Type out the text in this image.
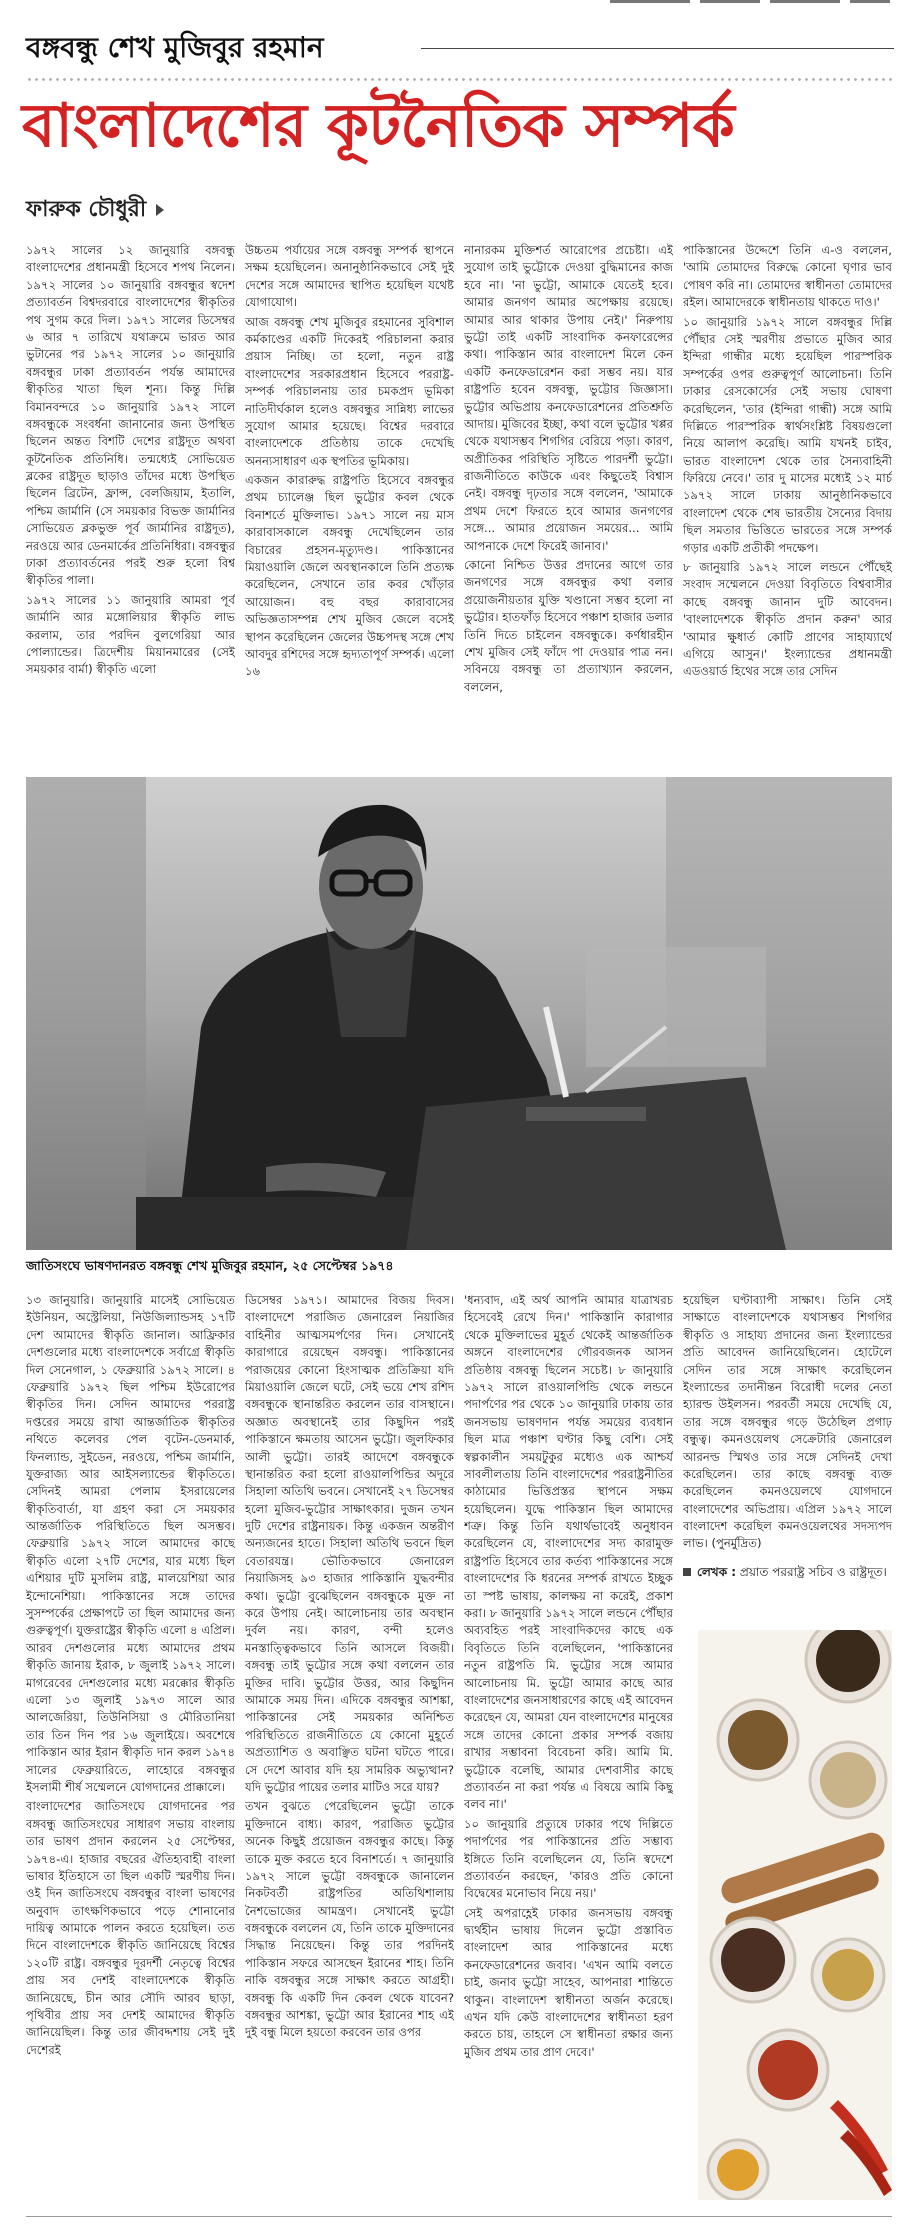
বঙ্গবন্ধু শেখ মুজিবুর রহমান
বাংলাদেশের কূটনৈতিক সম্পর্ক
ফারুক চৌধুরী

১৯৭২ সালের ১২ জানুয়ারি বঙ্গবন্ধু বাংলাদেশের প্রধানমন্ত্রী হিসেবে শপথ নিলেন। ১৯৭২ সালের ১০ জানুয়ারি বঙ্গবন্ধুর স্বদেশ প্রত্যাবর্তন বিশ্বদরবারে বাংলাদেশের স্বীকৃতির পথ সুগম করে দিল। ১৯৭১ সালের ডিসেম্বর ৬ আর ৭ তারিখে যথাক্রমে ভারত আর ভুটানের পর ১৯৭২ সালের ১০ জানুয়ারি বঙ্গবন্ধুর ঢাকা প্রত্যাবর্তন পর্যন্ত আমাদের স্বীকৃতির খাতা ছিল শূন্য। কিন্তু দিল্লি বিমানবন্দরে ১০ জানুয়ারি ১৯৭২ সালে বঙ্গবন্ধুকে সংবর্ধনা জানানোর জন্য উপস্থিত ছিলেন অন্তত বিশটি দেশের রাষ্ট্রদূত অথবা কূটনৈতিক প্রতিনিধি। তন্মধ্যেই সোভিয়েত ব্লকের রাষ্ট্রদূত ছাড়াও তাঁদের মধ্যে উপস্থিত ছিলেন ব্রিটেন, ফ্রান্স, বেলজিয়াম, ইতালি, পশ্চিম জার্মানি (সে সময়কার বিভক্ত জার্মানির সোভিয়েত ব্লকভুক্ত পূর্ব জার্মানির রাষ্ট্রদূত), নরওয়ে আর ডেনমার্কের প্রতিনিধিরা। বঙ্গবন্ধুর ঢাকা প্রত্যাবর্তনের পরই শুরু হলো বিশ্ব স্বীকৃতির পালা।

১৯৭২ সালের ১১ জানুয়ারি আমরা পূর্ব জার্মানি আর মঙ্গোলিয়ার স্বীকৃতি লাভ করলাম, তার পরদিন বুলগেরিয়া আর পোল্যান্ডের। ত্রিদেশীয় মিয়ানমারের (সেই সময়কার বার্মা) স্বীকৃতি এলো

উচ্চতম পর্যায়ের সঙ্গে বঙ্গবন্ধু সম্পর্ক স্থাপনে সক্ষম হয়েছিলেন। অনানুষ্ঠানিকভাবে সেই দুই দেশের সঙ্গে আমাদের স্থাপিত হয়েছিল যথেষ্ট যোগাযোগ।

আজ বঙ্গবন্ধু শেখ মুজিবুর রহমানের সুবিশাল কর্মকাণ্ডের একটি দিকেরই পরিচালনা করার প্রয়াস নিচ্ছি। তা হলো, নতুন রাষ্ট্র বাংলাদেশের সরকারপ্রধান হিসেবে পররাষ্ট্র-সম্পর্ক পরিচালনায় তার চমকপ্রদ ভূমিকা নাতিদীর্ঘকাল হলেও বঙ্গবন্ধুর সান্নিধ্য লাভের সুযোগ আমার হয়েছে। বিশ্বের দরবারে বাংলাদেশকে প্রতিষ্ঠায় তাকে দেখেছি অনন্যসাধারণ এক স্থপতির ভূমিকায়।

একজন কারারুদ্ধ রাষ্ট্রপতি হিসেবে বঙ্গবন্ধুর প্রথম চ্যালেঞ্জ ছিল ভুট্টোর কবল থেকে বিনাশর্তে মুক্তিলাভ। ১৯৭১ সালে নয় মাস কারাবাসকালে বঙ্গবন্ধু দেখেছিলেন তার বিচারের প্রহসন-মৃত্যুদণ্ড। পাকিস্তানের মিয়াওয়ালি জেলে অবস্থানকালে তিনি প্রত্যক্ষ করেছিলেন, সেখানে তার কবর খোঁড়ার আয়োজন। বহু বছর কারাবাসের অভিজ্ঞতাসম্পন্ন শেখ মুজিব জেলে বসেই স্থাপন করেছিলেন জেলের উচ্চপদস্থ সঙ্গে শেখ আবদুর রশিদের সঙ্গে হৃদ্যতাপূর্ণ সম্পর্ক। এলো ১৬

নানারকম মুক্তিশর্ত আরোপের প্রচেষ্টা। এই সুযোগ তাই ভুট্টোকে দেওয়া বুদ্ধিমানের কাজ হবে না। 'না ভুট্টো, আমাকে যেতেই হবে। আমার জনগণ আমার অপেক্ষায় রয়েছে। আমার আর থাকার উপায় নেই।' নিরুপায় ভুট্টো তাই একটি সাংবাদিক কনফারেন্সের কথা। পাকিস্তান আর বাংলাদেশ মিলে কেন একটি কনফেডারেশন করা সম্ভব নয়। যার রাষ্ট্রপতি হবেন বঙ্গবন্ধু, ভুট্টোর জিজ্ঞাসা। ভুট্টোর অভিপ্রায় কনফেডারেশনের প্রতিশ্রুতি আদায়। মুজিবের ইচ্ছা, কথা বলে ভুট্টোর খপ্পর থেকে যথাসম্ভব শিগগির বেরিয়ে পড়া। কারণ, অপ্রীতিকর পরিস্থিতি সৃষ্টিতে পারদর্শী ভুট্টো। রাজনীতিতে কাউকে এবং কিছুতেই বিশ্বাস নেই। বঙ্গবন্ধু দৃঢ়তার সঙ্গে বললেন, 'আমাকে প্রথম দেশে ফিরতে হবে আমার জনগণের সঙ্গে... আমার প্রয়োজন সময়ের... আমি আপনাকে দেশে ফিরেই জানাব।'

কোনো নিশ্চিত উত্তর প্রদানের আগে তার জনগণের সঙ্গে বঙ্গবন্ধুর কথা বলার প্রয়োজনীয়তার যুক্তি খণ্ডানো সম্ভব হলো না ভুট্টোর। হাতফাঁড় হিসেবে পঞ্চাশ হাজার ডলার তিনি দিতে চাইলেন বঙ্গবন্ধুকে। কর্ণধারহীন শেখ মুজিব সেই ফাঁদে পা দেওয়ার পাত্র নন। সবিনয়ে বঙ্গবন্ধু তা প্রত্যাখ্যান করলেন, বললেন,

পাকিস্তানের উদ্দেশে তিনি এ-ও বললেন, 'আমি তোমাদের বিরুদ্ধে কোনো ঘৃণার ভাব পোষণ করি না। তোমাদের স্বাধীনতা তোমাদের রইল। আমাদেরকে স্বাধীনতায় থাকতে দাও।'

১০ জানুয়ারি ১৯৭২ সালে বঙ্গবন্ধুর দিল্লি পৌঁছার সেই স্মরণীয় প্রভাতে মুজিব আর ইন্দিরা গান্ধীর মধ্যে হয়েছিল পারস্পরিক সম্পর্কের ওপর গুরুত্বপূর্ণ আলোচনা। তিনি ঢাকার রেসকোর্সের সেই সভায় ঘোষণা করেছিলেন, 'তার (ইন্দিরা গান্ধী) সঙ্গে আমি দিল্লিতে পারস্পরিক স্বার্থসংশ্লিষ্ট বিষয়গুলো নিয়ে আলাপ করেছি। আমি যখনই চাইব, ভারত বাংলাদেশ থেকে তার সৈন্যবাহিনী ফিরিয়ে নেবে।' তার দু মাসের মধ্যেই ১২ মার্চ ১৯৭২ সালে ঢাকায় আনুষ্ঠানিকভাবে বাংলাদেশ থেকে শেষ ভারতীয় সৈন্যের বিদায় ছিল সমতার ভিত্তিতে ভারতের সঙ্গে সম্পর্ক গড়ার একটি প্রতীকী পদক্ষেপ।

৮ জানুয়ারি ১৯৭২ সালে লন্ডনে পৌঁছেই সংবাদ সম্মেলনে দেওয়া বিবৃতিতে বিশ্ববাসীর কাছে বঙ্গবন্ধু জানান দুটি আবেদন। 'বাংলাদেশকে স্বীকৃতি প্রদান করুন' আর 'আমার ক্ষুধার্ত কোটি প্রাণের সাহায্যার্থে এগিয়ে আসুন।' ইংল্যান্ডের প্রধানমন্ত্রী এডওয়ার্ড হিথের সঙ্গে তার সেদিন

জাতিসংঘে ভাষণদানরত বঙ্গবন্ধু শেখ মুজিবুর রহমান, ২৫ সেপ্টেম্বর ১৯৭৪

১৩ জানুয়ারি। জানুয়ারি মাসেই সোভিয়েত ইউনিয়ন, অস্ট্রেলিয়া, নিউজিল্যান্ডসহ ১৭টি দেশ আমাদের স্বীকৃতি জানাল। আফ্রিকার দেশগুলোর মধ্যে বাংলাদেশকে সর্বাগ্রে স্বীকৃতি দিল সেনেগাল, ১ ফেব্রুয়ারি ১৯৭২ সালে। ৪ ফেব্রুয়ারি ১৯৭২ ছিল পশ্চিম ইউরোপের স্বীকৃতির দিন। সেদিন আমাদের পররাষ্ট্র দপ্তরের সময়ে রাখা আন্তর্জাতিক স্বীকৃতির নথিতে কলেবর পেল বৃটেন-ডেনমার্ক, ফিনল্যান্ড, সুইডেন, নরওয়ে, পশ্চিম জার্মানি, যুক্তরাজ্য আর আইসল্যান্ডের স্বীকৃতিতে। সেদিনই আমরা পেলাম ইসরায়েলের স্বীকৃতিবার্তা, যা গ্রহণ করা সে সময়কার আন্তর্জাতিক পরিস্থিতিতে ছিল অসম্ভব। ফেব্রুয়ারি ১৯৭২ সালে আমাদের কাছে স্বীকৃতি এলো ২৭টি দেশের, যার মধ্যে ছিল এশিয়ার দুটি মুসলিম রাষ্ট্র, মালয়েশিয়া আর ইন্দোনেশিয়া। পাকিস্তানের সঙ্গে তাদের সুসম্পর্কের প্রেক্ষাপটে তা ছিল আমাদের জন্য গুরুত্বপূর্ণ। যুক্তরাষ্ট্রের স্বীকৃতি এলো ৪ এপ্রিল। আরব দেশগুলোর মধ্যে আমাদের প্রথম স্বীকৃতি জানায় ইরাক, ৮ জুলাই ১৯৭২ সালে। মাগরেবের দেশগুলোর মধ্যে মরক্কোর স্বীকৃতি এলো ১৩ জুলাই ১৯৭৩ সালে আর আলজেরিয়া, তিউনিসিয়া ও মৌরিতানিয়া তার তিন দিন পর ১৬ জুলাইয়ে। অবশেষে পাকিস্তান আর ইরান স্বীকৃতি দান করল ১৯৭৪ সালের ফেব্রুয়ারিতে, লাহোরে বঙ্গবন্ধুর ইসলামী শীর্ষ সম্মেলনে যোগদানের প্রাক্কালে।

বাংলাদেশের জাতিসংঘে যোগদানের পর বঙ্গবন্ধু জাতিসংঘের সাধারণ সভায় বাংলায় তার ভাষণ প্রদান করলেন ২৫ সেপ্টেম্বর, ১৯৭৪-এ। হাজার বছরের ঐতিহ্যবাহী বাংলা ভাষার ইতিহাসে তা ছিল একটি স্মরণীয় দিন। ওই দিন জাতিসংঘে বঙ্গবন্ধুর বাংলা ভাষণের অনুবাদ তাৎক্ষণিকভাবে পড়ে শোনানোর দায়িত্ব আমাকে পালন করতে হয়েছিল। তত দিনে বাংলাদেশকে স্বীকৃতি জানিয়েছে বিশ্বের ১২০টি রাষ্ট্র। বঙ্গবন্ধুর দূরদর্শী নেতৃত্বে বিশ্বের প্রায় সব দেশই বাংলাদেশকে স্বীকৃতি জানিয়েছে, চীন আর সৌদি আরব ছাড়া, পৃথিবীর প্রায় সব দেশই আমাদের স্বীকৃতি জানিয়েছিল। কিন্তু তার জীবদ্দশায় সেই দুই দেশেরই

ডিসেম্বর ১৯৭১। আমাদের বিজয় দিবস। বাংলাদেশে পরাজিত জেনারেল নিয়াজির বাহিনীর আত্মসমর্পণের দিন। সেখানেই কারাগারে রয়েছেন বঙ্গবন্ধু। পাকিস্তানের পরাজয়ের কোনো হিংসাত্মক প্রতিক্রিয়া যদি মিয়াওয়ালি জেলে ঘটে, সেই ভয়ে শেখ রশিদ বঙ্গবন্ধুকে স্থানান্তরিত করলেন তার বাসস্থানে। অজ্ঞাত অবস্থানেই তার কিছুদিন পরই পাকিস্তানে ক্ষমতায় আসেন ভুট্টো। জুলফিকার আলী ভুট্টো। তারই আদেশে বঙ্গবন্ধুকে স্থানান্তরিত করা হলো রাওয়ালপিন্ডির অদূরে সিহালা অতিথি ভবনে। সেখানেই ২৭ ডিসেম্বর হলো মুজিব-ভুট্টোর সাক্ষাৎকার। দুজন তখন দুটি দেশের রাষ্ট্রনায়ক। কিন্তু একজন অন্তরীণ অন্যজনের হাতে। সিহালা অতিথি ভবনে ছিল বেতারযন্ত্র। ভৌতিকভাবে জেনারেল নিয়াজিসহ ৯৩ হাজার পাকিস্তানি যুদ্ধবন্দীর কথা। ভুট্টো বুঝেছিলেন বঙ্গবন্ধুকে মুক্ত না করে উপায় নেই। আলোচনায় তার অবস্থান দুর্বল নয়। কারণ, বন্দী হলেও মনস্তাত্ত্বিকভাবে তিনি আসলে বিজয়ী। বঙ্গবন্ধু তাই ভুট্টোর সঙ্গে কথা বললেন তার মুক্তির দাবি। ভুট্টোর উত্তর, আর কিছুদিন আমাকে সময় দিন। এদিকে বঙ্গবন্ধুর আশঙ্কা, পাকিস্তানের সেই সময়কার অনিশ্চিত পরিস্থিতিতে রাজনীতিতে যে কোনো মুহূর্তে অপ্রত্যাশিত ও অবাঞ্ছিত ঘটনা ঘটতে পারে। সে দেশে আবার যদি হয় সামরিক অভ্যুত্থান? যদি ভুট্টোর পায়ের তলার মাটিও সরে যায়?

তখন বুঝতে পেরেছিলেন ভুট্টো তাকে মুক্তিদানে বাধ্য। কারণ, পরাজিত ভুট্টোর অনেক কিছুই প্রয়োজন বঙ্গবন্ধুর কাছে। কিন্তু তাকে মুক্ত করতে হবে বিনাশর্তে। ৭ জানুয়ারি ১৯৭২ সালে ভুট্টো বঙ্গবন্ধুকে জানালেন নিকটবর্তী রাষ্ট্রপতির অতিথিশালায় নৈশভোজের আমন্ত্রণ। সেখানেই ভুট্টো বঙ্গবন্ধুকে বললেন যে, তিনি তাকে মুক্তিদানের সিদ্ধান্ত নিয়েছেন। কিন্তু তার পরদিনই পাকিস্তান সফরে আসছেন ইরানের শাহ। তিনি নাকি বঙ্গবন্ধুর সঙ্গে সাক্ষাৎ করতে আগ্রহী। বঙ্গবন্ধু কি একটি দিন কেবল থেকে যাবেন? বঙ্গবন্ধুর আশঙ্কা, ভুট্টো আর ইরানের শাহ এই দুই বন্ধু মিলে হয়তো করবেন তার ওপর

'ধন্যবাদ, এই অর্থ আপনি আমার যাত্রাখরচ হিসেবেই রেখে দিন।' পাকিস্তানি কারাগার থেকে মুক্তিলাভের মুহূর্ত থেকেই আন্তর্জাতিক অঙ্গনে বাংলাদেশের গৌরবজনক আসন প্রতিষ্ঠায় বঙ্গবন্ধু ছিলেন সচেষ্ট। ৮ জানুয়ারি ১৯৭২ সালে রাওয়ালপিন্ডি থেকে লন্ডনে পদার্পণের পর থেকে ১০ জানুয়ারি ঢাকায় তার জনসভায় ভাষণদান পর্যন্ত সময়ের ব্যবধান ছিল মাত্র পঞ্চাশ ঘণ্টার কিছু বেশি। সেই স্বল্পকালীন সময়টুকুর মধ্যেও এক আশ্চর্য সাবলীলতায় তিনি বাংলাদেশের পররাষ্ট্রনীতির কাঠামোর ভিত্তিপ্রস্তর স্থাপনে সক্ষম হয়েছিলেন। যুদ্ধে পাকিস্তান ছিল আমাদের শত্রু। কিন্তু তিনি যথার্থভাবেই অনুধাবন করেছিলেন যে, বাংলাদেশের সদ্য কারামুক্ত রাষ্ট্রপতি হিসেবে তার কর্তব্য পাকিস্তানের সঙ্গে বাংলাদেশের কি ধরনের সম্পর্ক রাখতে ইচ্ছুক তা স্পষ্ট ভাষায়, কালক্ষয় না করেই, প্রকাশ করা। ৮ জানুয়ারি ১৯৭২ সালে লন্ডনে পৌঁছার অব্যবহিত পরই সাংবাদিকদের কাছে এক বিবৃতিতে তিনি বলেছিলেন, 'পাকিস্তানের নতুন রাষ্ট্রপতি মি. ভুট্টোর সঙ্গে আমার আলোচনায় মি. ভুট্টো আমার কাছে আর বাংলাদেশের জনসাধারণের কাছে এই আবেদন করেছেন যে, আমরা যেন বাংলাদেশের মানুষের সঙ্গে তাদের কোনো প্রকার সম্পর্ক বজায় রাখার সম্ভাবনা বিবেচনা করি। আমি মি. ভুট্টোকে বলেছি, আমার দেশবাসীর কাছে প্রত্যাবর্তন না করা পর্যন্ত এ বিষয়ে আমি কিছু বলব না।'

১০ জানুয়ারি প্রত্যুষে ঢাকার পথে দিল্লিতে পদার্পণের পর পাকিস্তানের প্রতি সম্ভাব্য ইঙ্গিতে তিনি বলেছিলেন যে, তিনি স্বদেশে প্রত্যাবর্তন করছেন, 'কারও প্রতি কোনো বিদ্বেষের মনোভাব নিয়ে নয়।'

সেই অপরাহ্ণেই ঢাকার জনসভায় বঙ্গবন্ধু দ্ব্যর্থহীন ভাষায় দিলেন ভুট্টো প্রস্তাবিত বাংলাদেশ আর পাকিস্তানের মধ্যে কনফেডারেশনের জবাব। 'এখন আমি বলতে চাই, জনাব ভুট্টো সাহেব, আপনারা শান্তিতে থাকুন। বাংলাদেশ স্বাধীনতা অর্জন করেছে। এখন যদি কেউ বাংলাদেশের স্বাধীনতা হরণ করতে চায়, তাহলে সে স্বাধীনতা রক্ষার জন্য মুজিব প্রথম তার প্রাণ দেবে।'

হয়েছিল ঘণ্টাব্যাপী সাক্ষাৎ। তিনি সেই সাক্ষাতে বাংলাদেশকে যথাসম্ভব শিগগির স্বীকৃতি ও সাহায্য প্রদানের জন্য ইংল্যান্ডের প্রতি আবেদন জানিয়েছিলেন। হোটেলে সেদিন তার সঙ্গে সাক্ষাৎ করেছিলেন ইংল্যান্ডের তদানীন্তন বিরোধী দলের নেতা হ্যারল্ড উইলসন। পরবর্তী সময়ে দেখেছি যে, তার সঙ্গে বঙ্গবন্ধুর গড়ে উঠেছিল প্রগাঢ় বন্ধুত্ব। কমনওয়েলথ সেক্রেটারি জেনারেল আরনল্ড স্মিথও তার সঙ্গে সেদিনই দেখা করেছিলেন। তার কাছে বঙ্গবন্ধু ব্যক্ত করেছিলেন কমনওয়েলথে যোগদানে বাংলাদেশের অভিপ্রায়। এপ্রিল ১৯৭২ সালে বাংলাদেশ করেছিল কমনওয়েলথের সদস্যপদ লাভ। (পুনর্মুদ্রিত)

লেখক : প্রয়াত পররাষ্ট্র সচিব ও রাষ্ট্রদূত।
